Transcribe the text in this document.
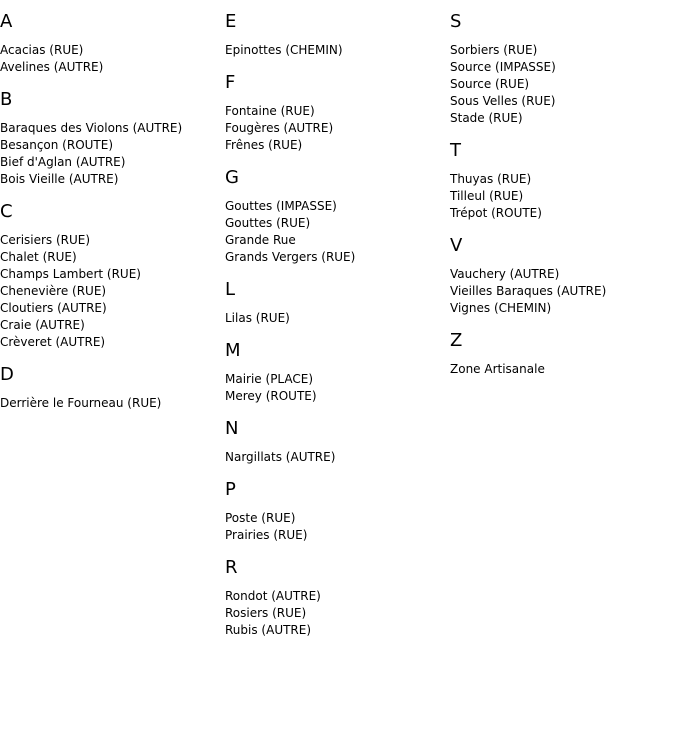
A
Acacias (RUE)
Avelines (AUTRE)
B
Baraques des Violons (AUTRE)
Besançon (ROUTE)
Bief d'Aglan (AUTRE)
Bois Vieille (AUTRE)
C
Cerisiers (RUE)
Chalet (RUE)
Champs Lambert (RUE)
Chenevière (RUE)
Cloutiers (AUTRE)
Craie (AUTRE)
Crèveret (AUTRE)
D
Derrière le Fourneau (RUE)
E
Epinottes (CHEMIN)
F
Fontaine (RUE)
Fougères (AUTRE)
Frênes (RUE)
G
Gouttes (IMPASSE)
Gouttes (RUE)
Grande Rue
Grands Vergers (RUE)
L
Lilas (RUE)
M
Mairie (PLACE)
Merey (ROUTE)
N
Nargillats (AUTRE)
P
Poste (RUE)
Prairies (RUE)
R
Rondot (AUTRE)
Rosiers (RUE)
Rubis (AUTRE)
S
Sorbiers (RUE)
Source (IMPASSE)
Source (RUE)
Sous Velles (RUE)
Stade (RUE)
T
Thuyas (RUE)
Tilleul (RUE)
Trépot (ROUTE)
V
Vauchery (AUTRE)
Vieilles Baraques (AUTRE)
Vignes (CHEMIN)
Z
Zone Artisanale
